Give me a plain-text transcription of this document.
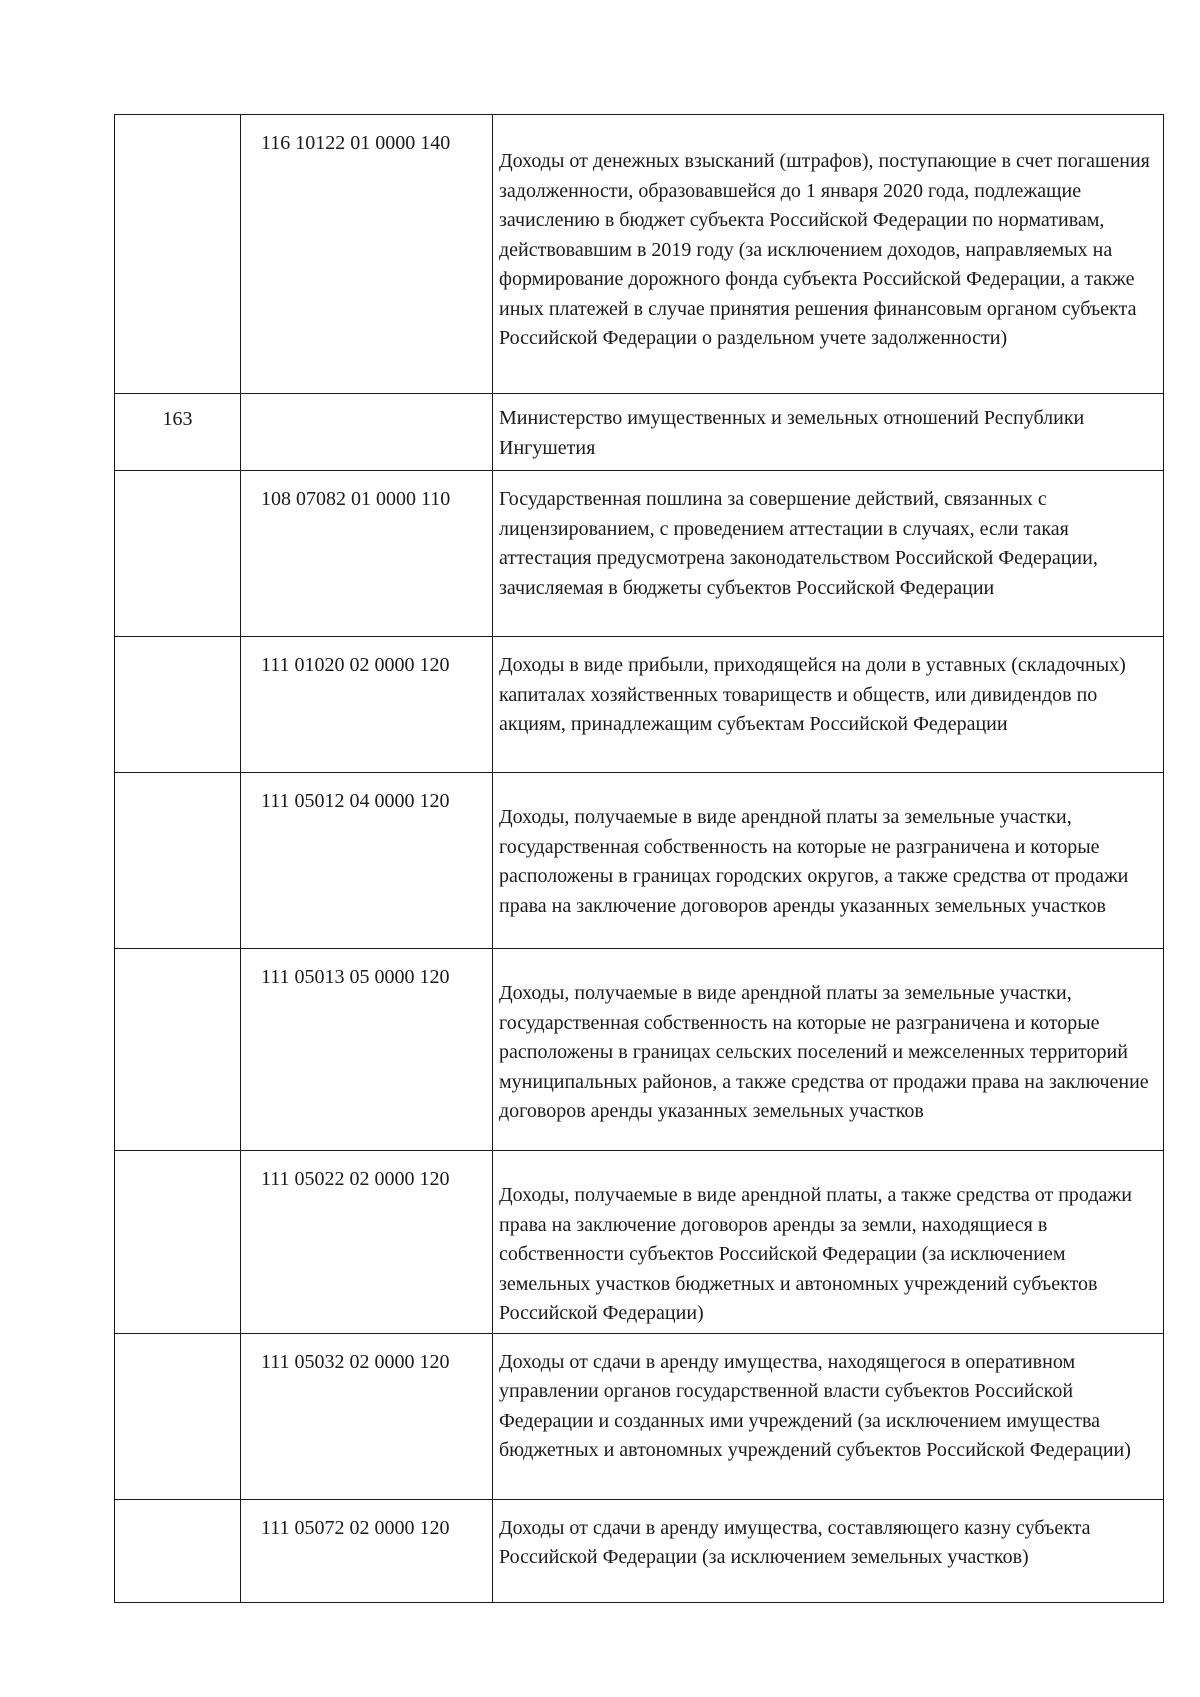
	116 10122 01 0000 140	Доходы от денежных взысканий (штрафов), поступающие в счет погашения задолженности, образовавшейся до 1 января 2020 года, подлежащие зачислению в бюджет субъекта Российской Федерации по нормативам, действовавшим в 2019 году (за исключением доходов, направляемых на формирование дорожного фонда субъекта Российской Федерации, а также иных платежей в случае принятия решения финансовым органом субъекта Российской Федерации о раздельном учете задолженности)

163		Министерство имущественных и земельных отношений Республики Ингушетия

	108 07082 01 0000 110	Государственная пошлина за совершение действий, связанных с лицензированием, с проведением аттестации в случаях, если такая аттестация предусмотрена законодательством Российской Федерации, зачисляемая в бюджеты субъектов Российской Федерации

	111 01020 02 0000 120	Доходы в виде прибыли, приходящейся на доли в уставных (складочных) капиталах хозяйственных товариществ и обществ, или дивидендов по акциям, принадлежащим субъектам Российской Федерации

	111 05012 04 0000 120	Доходы, получаемые в виде арендной платы за земельные участки, государственная собственность на которые не разграничена и которые расположены в границах городских округов, а также средства от продажи права на заключение договоров аренды указанных земельных участков

	111 05013 05 0000 120	Доходы, получаемые в виде арендной платы за земельные участки, государственная собственность на которые не разграничена и которые расположены в границах сельских поселений и межселенных территорий муниципальных районов, а также средства от продажи права на заключение договоров аренды указанных земельных участков

	111 05022 02 0000 120	Доходы, получаемые в виде арендной платы, а также средства от продажи права на заключение договоров аренды за земли, находящиеся в собственности субъектов Российской Федерации (за исключением земельных участков бюджетных и автономных учреждений субъектов Российской Федерации)

	111 05032 02 0000 120	Доходы от сдачи в аренду имущества, находящегося в оперативном управлении органов государственной власти субъектов Российской Федерации и созданных ими учреждений (за исключением имущества бюджетных и автономных учреждений субъектов Российской Федерации)

	111 05072 02 0000 120	Доходы от сдачи в аренду имущества, составляющего казну субъекта Российской Федерации (за исключением земельных участков)
